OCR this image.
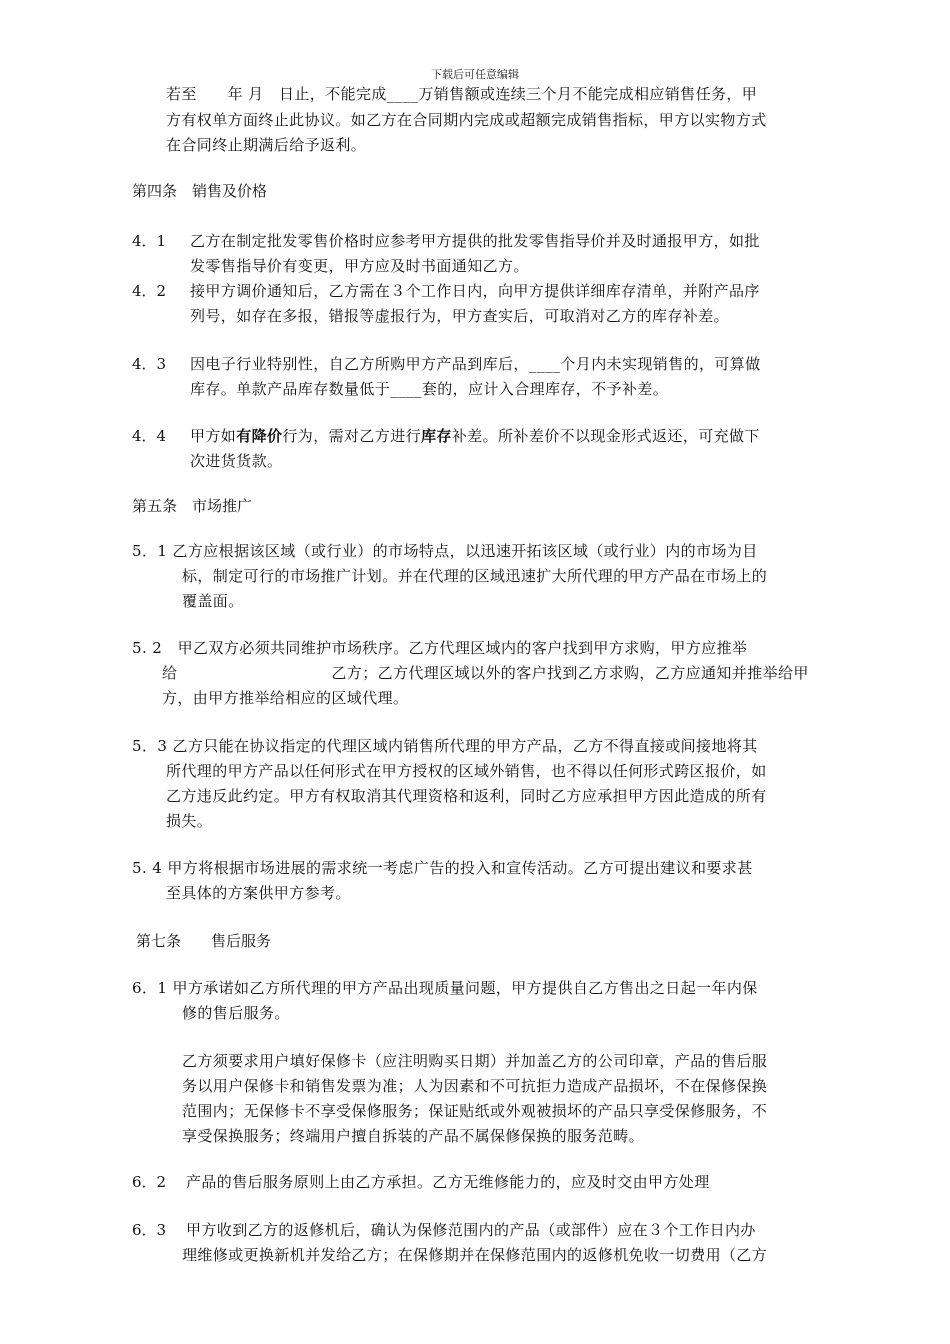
下载后可任意编辑
若至　　年 月　日止，不能完成____万销售额或连续三个月不能完成相应销售任务，甲
方有权单方面终止此协议。如乙方在合同期内完成或超额完成销售指标，甲方以实物方式
在合同终止期满后给予返利。
第四条　销售及价格
4．1 乙方在制定批发零售价格时应参考甲方提供的批发零售指导价并及时通报甲方，如批
发零售指导价有变更，甲方应及时书面通知乙方。
4．2 接甲方调价通知后，乙方需在３个工作日内，向甲方提供详细库存清单，并附产品序
列号，如存在多报，错报等虚报行为，甲方查实后，可取消对乙方的库存补差。
4．3 因电子行业特别性，自乙方所购甲方产品到库后，____个月内未实现销售的，可算做
库存。单款产品库存数量低于____套的，应计入合理库存，不予补差。
4．4 甲方如有降价行为，需对乙方进行库存补差。所补差价不以现金形式返还，可充做下
次进货货款。
第五条　市场推广
5．1 乙方应根据该区域（或行业）的市场特点，以迅速开拓该区域（或行业）内的市场为目
标，制定可行的市场推广计划。并在代理的区域迅速扩大所代理的甲方产品在市场上的
覆盖面。
5. 2　甲乙双方必须共同维护市场秩序。乙方代理区域内的客户找到甲方求购，甲方应推举
给　　　　　　　　　　乙方；乙方代理区域以外的客户找到乙方求购，乙方应通知并推举给甲
方，由甲方推举给相应的区域代理。
5．3 乙方只能在协议指定的代理区域内销售所代理的甲方产品，乙方不得直接或间接地将其
所代理的甲方产品以任何形式在甲方授权的区域外销售，也不得以任何形式跨区报价，如
乙方违反此约定。甲方有权取消其代理资格和返利，同时乙方应承担甲方因此造成的所有
损失。
5. 4 甲方将根据市场进展的需求统一考虑广告的投入和宣传活动。乙方可提出建议和要求甚
至具体的方案供甲方参考。
第七条　　售后服务
6．1 甲方承诺如乙方所代理的甲方产品出现质量问题，甲方提供自乙方售出之日起一年内保
修的售后服务。
乙方须要求用户填好保修卡（应注明购买日期）并加盖乙方的公司印章，产品的售后服
务以用户保修卡和销售发票为准；人为因素和不可抗拒力造成产品损坏，不在保修保换
范围内；无保修卡不享受保修服务；保证贴纸或外观被损坏的产品只享受保修服务，不
享受保换服务；终端用户擅自拆装的产品不属保修保换的服务范畴。
6．2 产品的售后服务原则上由乙方承担。乙方无维修能力的，应及时交由甲方处理
6．3 甲方收到乙方的返修机后，确认为保修范围内的产品（或部件）应在３个工作日内办
理维修或更换新机并发给乙方；在保修期并在保修范围内的返修机免收一切费用（乙方
